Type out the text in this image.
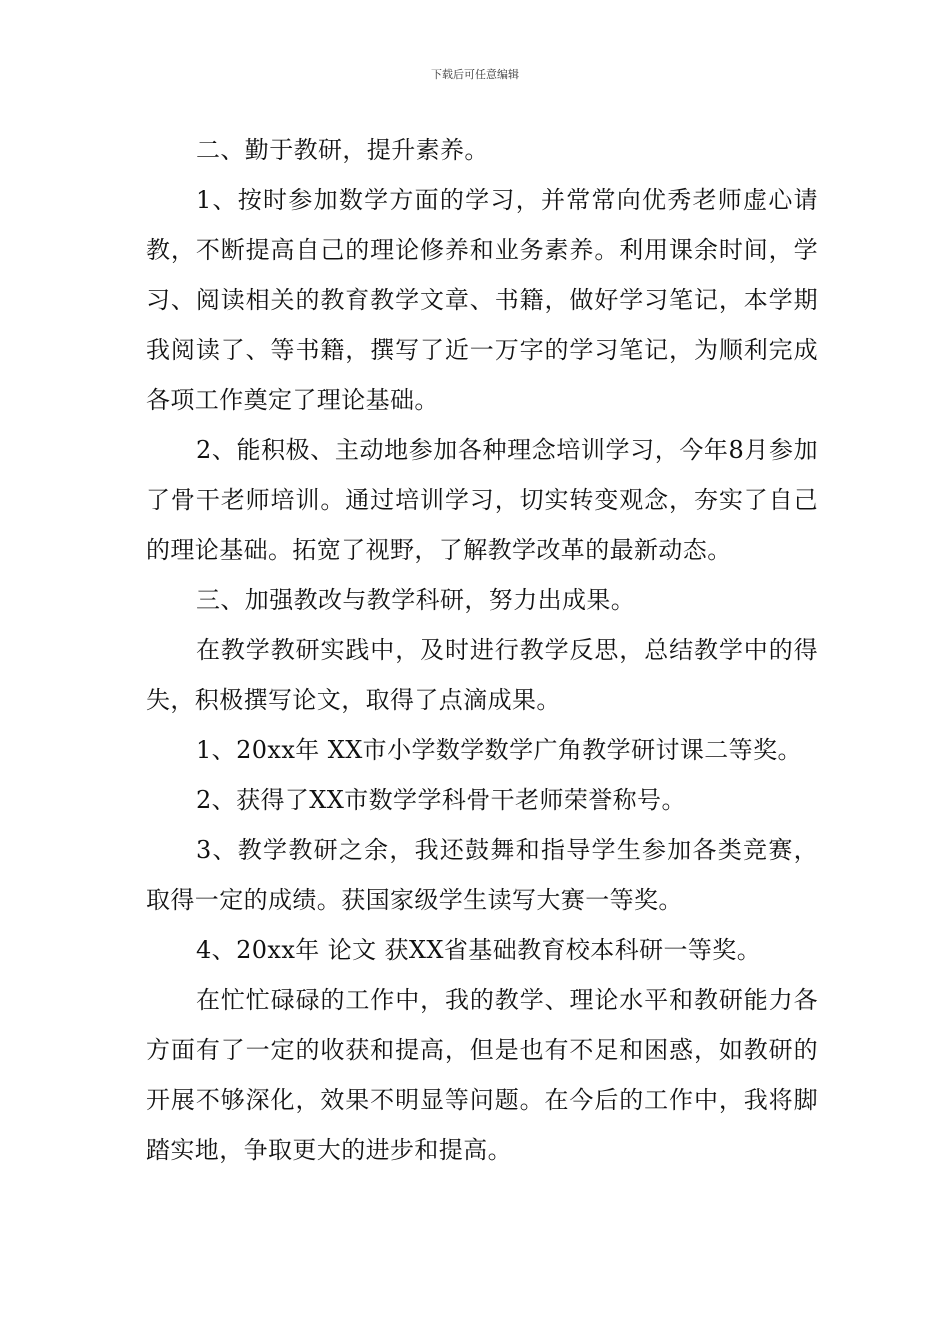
下载后可任意编辑

二、勤于教研，提升素养。

1、按时参加数学方面的学习，并常常向优秀老师虚心请教，不断提高自己的理论修养和业务素养。利用课余时间，学习、阅读相关的教育教学文章、书籍，做好学习笔记，本学期我阅读了、等书籍，撰写了近一万字的学习笔记，为顺利完成各项工作奠定了理论基础。

2、能积极、主动地参加各种理念培训学习，今年8月参加了骨干老师培训。通过培训学习，切实转变观念，夯实了自己的理论基础。拓宽了视野，了解教学改革的最新动态。

三、加强教改与教学科研，努力出成果。

在教学教研实践中，及时进行教学反思，总结教学中的得失，积极撰写论文，取得了点滴成果。

1、20xx年 XX市小学数学数学广角教学研讨课二等奖。

2、获得了XX市数学学科骨干老师荣誉称号。

3、教学教研之余，我还鼓舞和指导学生参加各类竞赛，取得一定的成绩。获国家级学生读写大赛一等奖。

4、20xx年 论文 获XX省基础教育校本科研一等奖。

在忙忙碌碌的工作中，我的教学、理论水平和教研能力各方面有了一定的收获和提高，但是也有不足和困惑，如教研的开展不够深化，效果不明显等问题。在今后的工作中，我将脚踏实地，争取更大的进步和提高。
